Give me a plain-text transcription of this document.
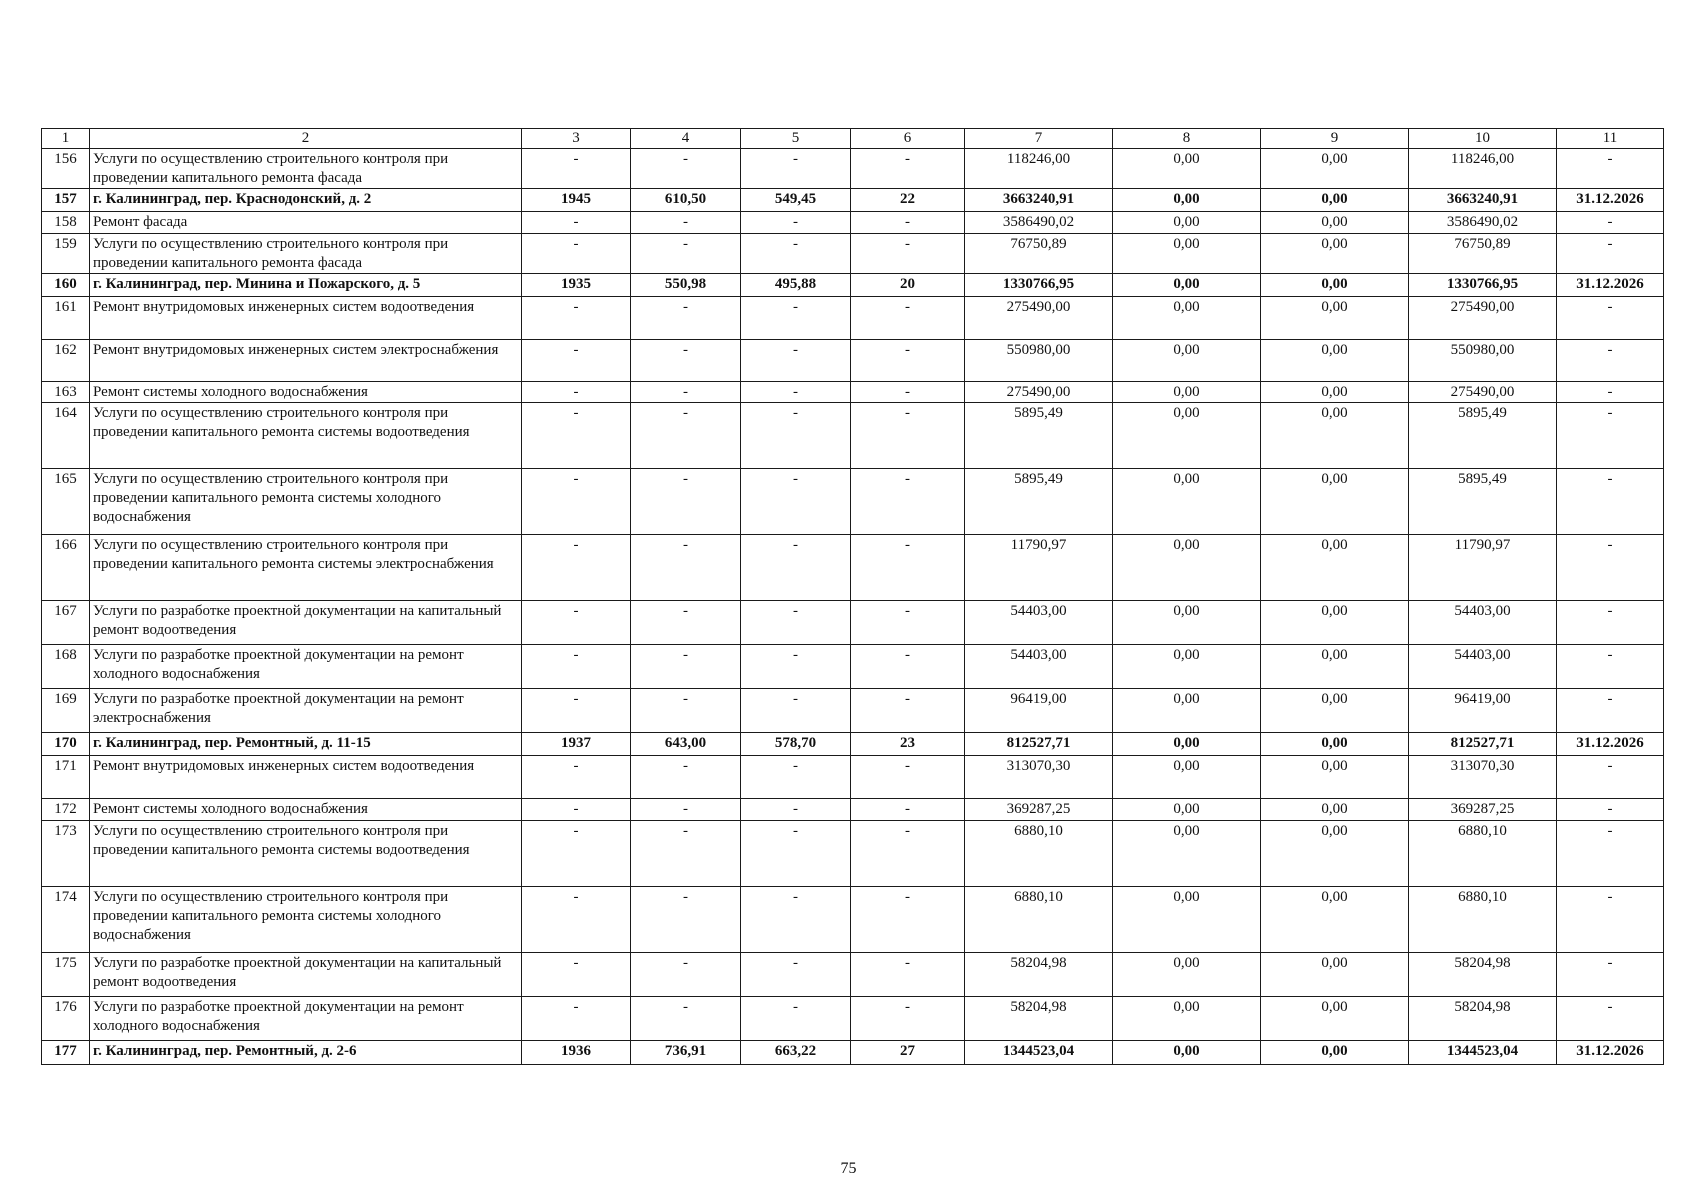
1	2	3	4	5	6	7	8	9	10	11
156	Услуги по осуществлению строительного контроля при проведении капитального ремонта фасада	-	-	-	-	118246,00	0,00	0,00	118246,00	-
157	г. Калининград, пер. Краснодонский, д. 2	1945	610,50	549,45	22	3663240,91	0,00	0,00	3663240,91	31.12.2026
158	Ремонт фасада	-	-	-	-	3586490,02	0,00	0,00	3586490,02	-
159	Услуги по осуществлению строительного контроля при проведении капитального ремонта фасада	-	-	-	-	76750,89	0,00	0,00	76750,89	-
160	г. Калининград, пер. Минина и Пожарского, д. 5	1935	550,98	495,88	20	1330766,95	0,00	0,00	1330766,95	31.12.2026
161	Ремонт внутридомовых инженерных систем водоотведения	-	-	-	-	275490,00	0,00	0,00	275490,00	-
162	Ремонт внутридомовых инженерных систем электроснабжения	-	-	-	-	550980,00	0,00	0,00	550980,00	-
163	Ремонт системы холодного водоснабжения	-	-	-	-	275490,00	0,00	0,00	275490,00	-
164	Услуги по осуществлению строительного контроля при проведении капитального ремонта системы водоотведения	-	-	-	-	5895,49	0,00	0,00	5895,49	-
165	Услуги по осуществлению строительного контроля при проведении капитального ремонта системы холодного водоснабжения	-	-	-	-	5895,49	0,00	0,00	5895,49	-
166	Услуги по осуществлению строительного контроля при проведении капитального ремонта системы электроснабжения	-	-	-	-	11790,97	0,00	0,00	11790,97	-
167	Услуги по разработке проектной документации на капитальный ремонт водоотведения	-	-	-	-	54403,00	0,00	0,00	54403,00	-
168	Услуги по разработке проектной документации на ремонт холодного водоснабжения	-	-	-	-	54403,00	0,00	0,00	54403,00	-
169	Услуги по разработке проектной документации на ремонт электроснабжения	-	-	-	-	96419,00	0,00	0,00	96419,00	-
170	г. Калининград, пер. Ремонтный, д. 11-15	1937	643,00	578,70	23	812527,71	0,00	0,00	812527,71	31.12.2026
171	Ремонт внутридомовых инженерных систем водоотведения	-	-	-	-	313070,30	0,00	0,00	313070,30	-
172	Ремонт системы холодного водоснабжения	-	-	-	-	369287,25	0,00	0,00	369287,25	-
173	Услуги по осуществлению строительного контроля при проведении капитального ремонта системы водоотведения	-	-	-	-	6880,10	0,00	0,00	6880,10	-
174	Услуги по осуществлению строительного контроля при проведении капитального ремонта системы холодного водоснабжения	-	-	-	-	6880,10	0,00	0,00	6880,10	-
175	Услуги по разработке проектной документации на капитальный ремонт водоотведения	-	-	-	-	58204,98	0,00	0,00	58204,98	-
176	Услуги по разработке проектной документации на ремонт холодного водоснабжения	-	-	-	-	58204,98	0,00	0,00	58204,98	-
177	г. Калининград, пер. Ремонтный, д. 2-6	1936	736,91	663,22	27	1344523,04	0,00	0,00	1344523,04	31.12.2026
75
